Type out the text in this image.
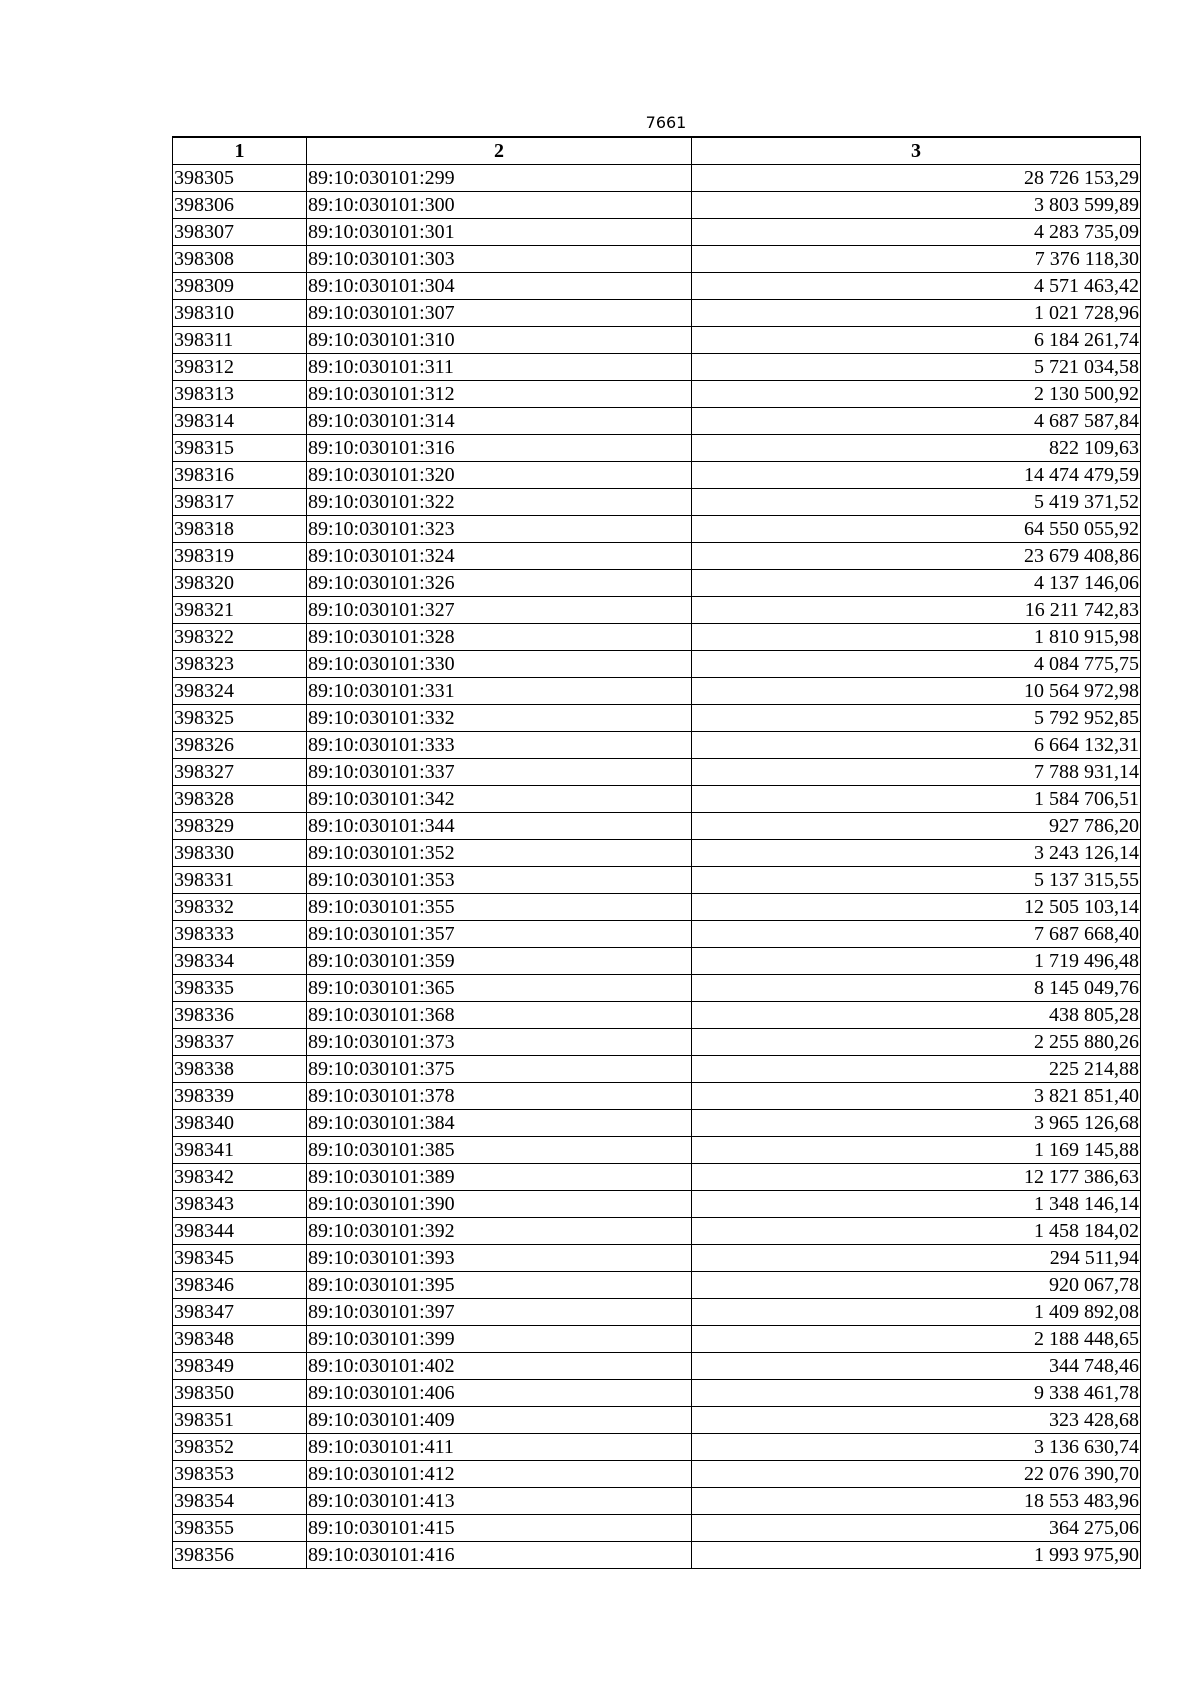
7661
1	2	3
398305	89:10:030101:299	28 726 153,29
398306	89:10:030101:300	3 803 599,89
398307	89:10:030101:301	4 283 735,09
398308	89:10:030101:303	7 376 118,30
398309	89:10:030101:304	4 571 463,42
398310	89:10:030101:307	1 021 728,96
398311	89:10:030101:310	6 184 261,74
398312	89:10:030101:311	5 721 034,58
398313	89:10:030101:312	2 130 500,92
398314	89:10:030101:314	4 687 587,84
398315	89:10:030101:316	822 109,63
398316	89:10:030101:320	14 474 479,59
398317	89:10:030101:322	5 419 371,52
398318	89:10:030101:323	64 550 055,92
398319	89:10:030101:324	23 679 408,86
398320	89:10:030101:326	4 137 146,06
398321	89:10:030101:327	16 211 742,83
398322	89:10:030101:328	1 810 915,98
398323	89:10:030101:330	4 084 775,75
398324	89:10:030101:331	10 564 972,98
398325	89:10:030101:332	5 792 952,85
398326	89:10:030101:333	6 664 132,31
398327	89:10:030101:337	7 788 931,14
398328	89:10:030101:342	1 584 706,51
398329	89:10:030101:344	927 786,20
398330	89:10:030101:352	3 243 126,14
398331	89:10:030101:353	5 137 315,55
398332	89:10:030101:355	12 505 103,14
398333	89:10:030101:357	7 687 668,40
398334	89:10:030101:359	1 719 496,48
398335	89:10:030101:365	8 145 049,76
398336	89:10:030101:368	438 805,28
398337	89:10:030101:373	2 255 880,26
398338	89:10:030101:375	225 214,88
398339	89:10:030101:378	3 821 851,40
398340	89:10:030101:384	3 965 126,68
398341	89:10:030101:385	1 169 145,88
398342	89:10:030101:389	12 177 386,63
398343	89:10:030101:390	1 348 146,14
398344	89:10:030101:392	1 458 184,02
398345	89:10:030101:393	294 511,94
398346	89:10:030101:395	920 067,78
398347	89:10:030101:397	1 409 892,08
398348	89:10:030101:399	2 188 448,65
398349	89:10:030101:402	344 748,46
398350	89:10:030101:406	9 338 461,78
398351	89:10:030101:409	323 428,68
398352	89:10:030101:411	3 136 630,74
398353	89:10:030101:412	22 076 390,70
398354	89:10:030101:413	18 553 483,96
398355	89:10:030101:415	364 275,06
398356	89:10:030101:416	1 993 975,90
